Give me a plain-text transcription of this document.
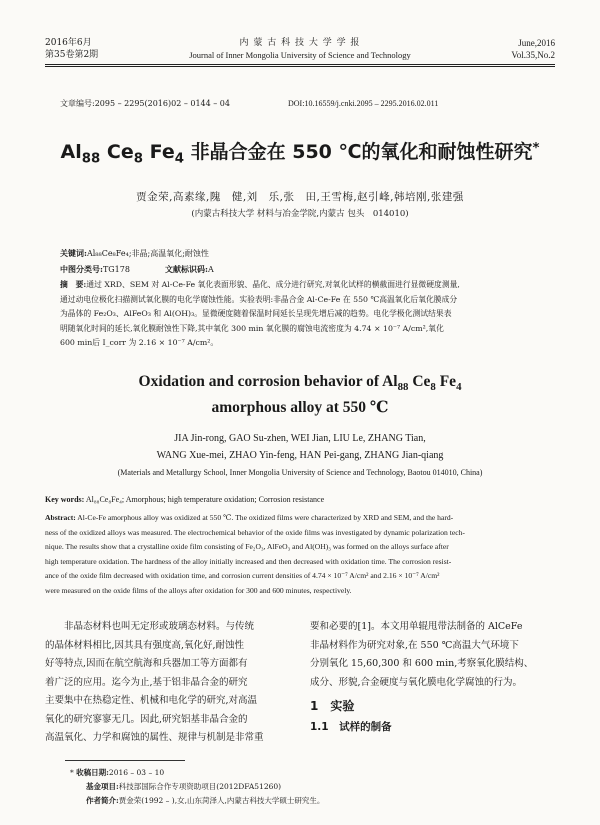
2016年6月
第35卷第2期
内 蒙 古 科 技 大 学 学 报
Journal of Inner Mongolia University of Science and Technology
June,2016
Vol.35,No.2
文章编号:2095 – 2295(2016)02 – 0144 – 04	DOI:10.16559/j.cnki.2095 – 2295.2016.02.011
$Al_{88}$ $Ce_8$ $Fe_4$ 非晶合金在 550 ℃的氧化和耐蚀性研究*
贾金荣,高素缘,隗　健,刘　乐,张　田,王雪梅,赵引峰,韩培刚,张建强
(内蒙古科技大学 材料与冶金学院,内蒙古 包头　014010)
关键词:Al₈₈Ce₈Fe₄;非晶;高温氧化;耐蚀性
中图分类号:TG178	文献标识码:A
摘　要:通过 XRD、SEM 对 Al-Ce-Fe 氧化表面形貌、晶化、成分进行研究,对氧化试样的横截面进行显微硬度测量,
通过动电位极化扫描测试氧化膜的电化学腐蚀性能。实验表明:非晶合金 Al-Ce-Fe 在 550 ℃高温氧化后氧化膜成分
为晶体的 Fe₂O₃、AlFeO₃ 和 Al(OH)₃。显微硬度随着保温时间延长呈现先增后减的趋势。电化学极化测试结果表
明随氧化时间的延长,氧化膜耐蚀性下降,其中氧化 300 min 氧化膜的腐蚀电流密度为 4.74 × 10⁻⁷ A/cm²,氧化
600 min后 I_corr 为 2.16 × 10⁻⁷ A/cm²。
Oxidation and corrosion behavior of $Al_{88}$ $Ce_8$ $Fe_4$
amorphous alloy at 550 ℃
JIA Jin-rong, GAO Su-zhen, WEI Jian, LIU Le, ZHANG Tian,
WANG Xue-mei, ZHAO Yin-feng, HAN Pei-gang, ZHANG Jian-qiang
(Materials and Metallurgy School, Inner Mongolia University of Science and Technology, Baotou 014010, China)
Key words: Al₈₈Ce₈Fe₄; Amorphous; high temperature oxidation; Corrosion resistance
Abstract: Al-Ce-Fe amorphous alloy was oxidized at 550 ℃. The oxidized films were characterized by XRD and SEM, and the hard-
ness of the oxidized alloys was measured. The electrochemical behavior of the oxide films was investigated by dynamic polarization tech-
nique. The results show that a crystalline oxide film consisting of Fe₂O₃, AlFeO₃ and Al(OH)₃ was formed on the alloys surface after
high temperature oxidation. The hardness of the alloy initially increased and then decreased with oxidation time. The corrosion resist-
ance of the oxide film decreased with oxidation time, and corrosion current densities of 4.74 × 10⁻⁷ A/cm² and 2.16 × 10⁻⁷ A/cm²
were measured on the oxide films of the alloys after oxidation for 300 and 600 minutes, respectively.
　　非晶态材料也叫无定形或玻璃态材料。与传统
的晶体材料相比,因其具有强度高,氧化好,耐蚀性
好等特点,因而在航空航海和兵器加工等方面都有
着广泛的应用。迄今为止,基于铝非晶合金的研究
主要集中在热稳定性、机械和电化学的研究,对高温
氧化的研究寥寥无几。因此,研究铝基非晶合金的
高温氧化、力学和腐蚀的属性、规律与机制是非常重
要和必要的[1]。本文用单辊甩带法制备的 AlCeFe
非晶材料作为研究对象,在 550 ℃高温大气环境下
分别氧化 15,60,300 和 600 min,考察氧化膜结构、
成分、形貌,合金硬度与氧化膜电化学腐蚀的行为。
1　实验
1.1　试样的制备
* 收稿日期:2016 – 03 – 10
基金项目:科技部国际合作专项资助项目(2012DFA51260)
作者简介:贾金荣(1992 – ),女,山东菏泽人,内蒙古科技大学硕士研究生。
